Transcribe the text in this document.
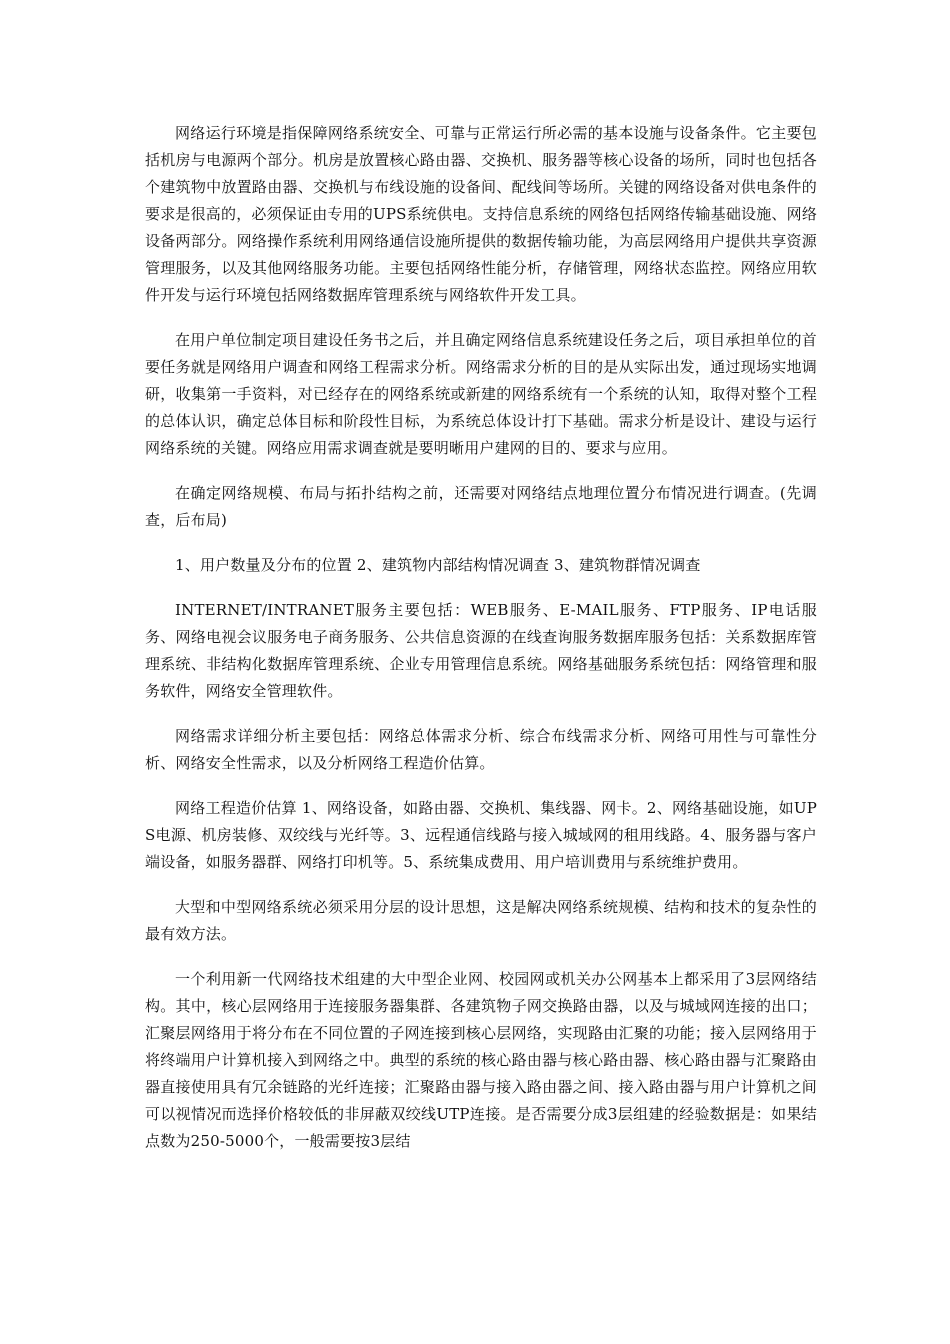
网络运行环境是指保障网络系统安全、可靠与正常运行所必需的基本设施与设备条件。它主要包括机房与电源两个部分。机房是放置核心路由器、交换机、服务器等核心设备的场所，同时也包括各个建筑物中放置路由器、交换机与布线设施的设备间、配线间等场所。关键的网络设备对供电条件的要求是很高的，必须保证由专用的UPS系统供电。支持信息系统的网络包括网络传输基础设施、网络设备两部分。网络操作系统利用网络通信设施所提供的数据传输功能，为高层网络用户提供共享资源管理服务，以及其他网络服务功能。主要包括网络性能分析，存储管理，网络状态监控。网络应用软件开发与运行环境包括网络数据库管理系统与网络软件开发工具。

在用户单位制定项目建设任务书之后，并且确定网络信息系统建设任务之后，项目承担单位的首要任务就是网络用户调查和网络工程需求分析。网络需求分析的目的是从实际出发，通过现场实地调研，收集第一手资料，对已经存在的网络系统或新建的网络系统有一个系统的认知，取得对整个工程的总体认识，确定总体目标和阶段性目标，为系统总体设计打下基础。需求分析是设计、建设与运行网络系统的关键。网络应用需求调查就是要明晰用户建网的目的、要求与应用。

在确定网络规模、布局与拓扑结构之前，还需要对网络结点地理位置分布情况进行调查。(先调查，后布局)

1、用户数量及分布的位置 2、建筑物内部结构情况调查 3、建筑物群情况调查

INTERNET/INTRANET服务主要包括：WEB服务、E-MAIL服务、FTP服务、IP电话服务、网络电视会议服务电子商务服务、公共信息资源的在线查询服务数据库服务包括：关系数据库管理系统、非结构化数据库管理系统、企业专用管理信息系统。网络基础服务系统包括：网络管理和服务软件，网络安全管理软件。

网络需求详细分析主要包括：网络总体需求分析、综合布线需求分析、网络可用性与可靠性分析、网络安全性需求，以及分析网络工程造价估算。

网络工程造价估算 1、网络设备，如路由器、交换机、集线器、网卡。2、网络基础设施，如UPS电源、机房装修、双绞线与光纤等。3、远程通信线路与接入城域网的租用线路。4、服务器与客户端设备，如服务器群、网络打印机等。5、系统集成费用、用户培训费用与系统维护费用。

大型和中型网络系统必须采用分层的设计思想，这是解决网络系统规模、结构和技术的复杂性的最有效方法。

一个利用新一代网络技术组建的大中型企业网、校园网或机关办公网基本上都采用了3层网络结构。其中，核心层网络用于连接服务器集群、各建筑物子网交换路由器，以及与城域网连接的出口；汇聚层网络用于将分布在不同位置的子网连接到核心层网络，实现路由汇聚的功能；接入层网络用于将终端用户计算机接入到网络之中。典型的系统的核心路由器与核心路由器、核心路由器与汇聚路由器直接使用具有冗余链路的光纤连接；汇聚路由器与接入路由器之间、接入路由器与用户计算机之间可以视情况而选择价格较低的非屏蔽双绞线UTP连接。是否需要分成3层组建的经验数据是：如果结点数为250-5000个，一般需要按3层结
